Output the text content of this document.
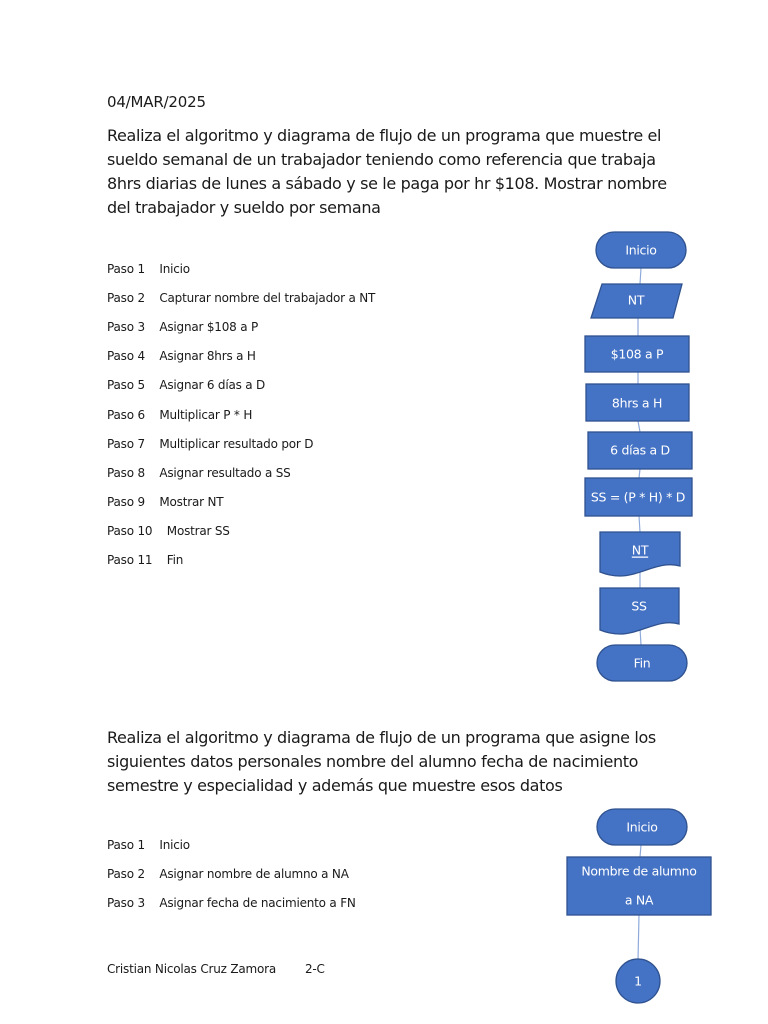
04/MAR/2025
Realiza el algoritmo y diagrama de flujo de un programa que muestre el sueldo semanal de un trabajador teniendo como referencia que trabaja 8hrs diarias de lunes a sábado y se le paga por hr $108. Mostrar nombre del trabajador y sueldo por semana
Paso 1    Inicio
Paso 2    Capturar nombre del trabajador a NT
Paso 3    Asignar $108 a P
Paso 4    Asignar 8hrs a H
Paso 5    Asignar 6 días a D
Paso 6    Multiplicar P * H
Paso 7    Multiplicar resultado por D
Paso 8    Asignar resultado a SS
Paso 9    Mostrar NT
Paso 10    Mostrar SS
Paso 11    Fin
Realiza el algoritmo y diagrama de flujo de un programa que asigne los siguientes datos personales nombre del alumno fecha de nacimiento semestre y especialidad y además que muestre esos datos
Paso 1    Inicio
Paso 2    Asignar nombre de alumno a NA
Paso 3    Asignar fecha de nacimiento a FN
Cristian Nicolas Cruz Zamora        2-C
Inicio
NT
$108 a P
8hrs a H
6 días a D
SS = (P * H) * D
NT
SS
Fin
Inicio
Nombre de alumno
a NA
1
